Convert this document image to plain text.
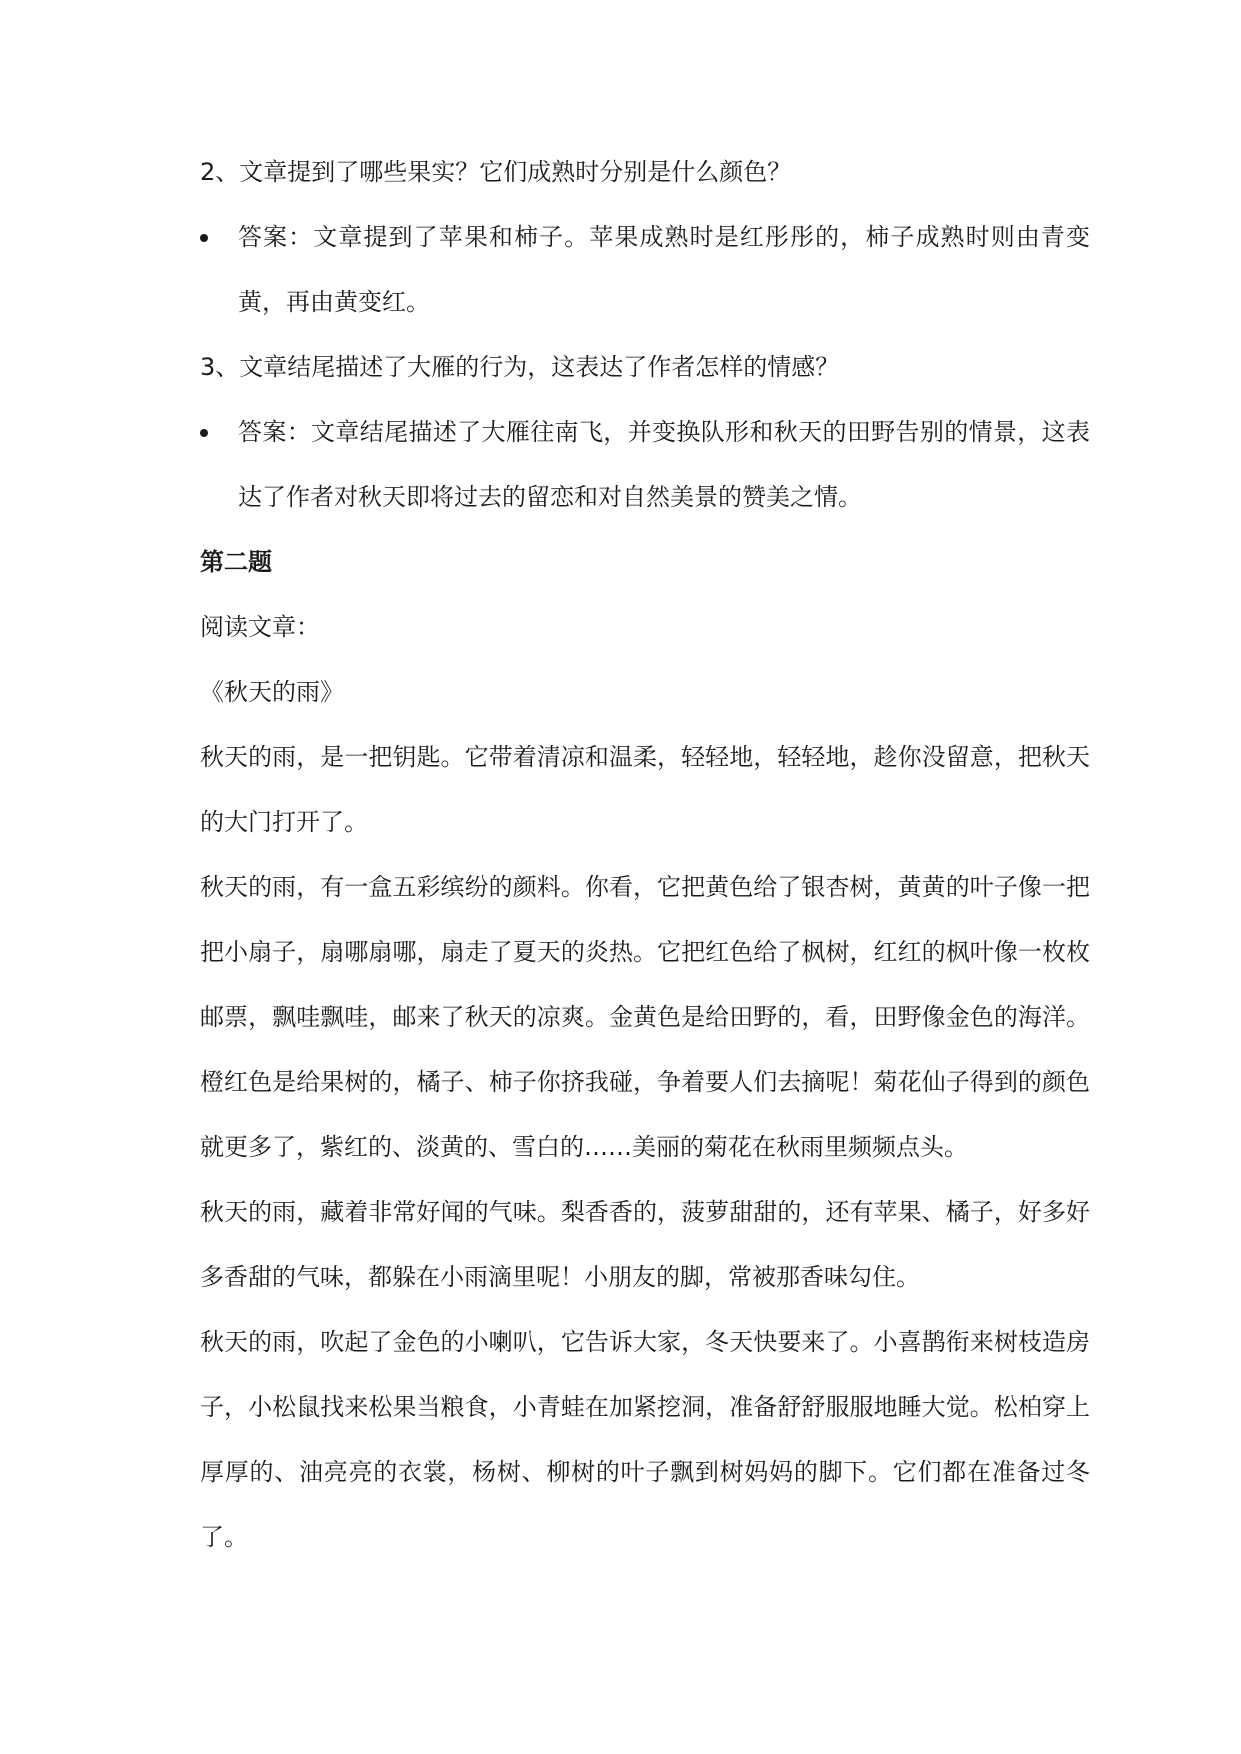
2、文章提到了哪些果实？它们成熟时分别是什么颜色？

答案：文章提到了苹果和柿子。苹果成熟时是红彤彤的，柿子成熟时则由青变黄，再由黄变红。

3、文章结尾描述了大雁的行为，这表达了作者怎样的情感？

答案：文章结尾描述了大雁往南飞，并变换队形和秋天的田野告别的情景，这表达了作者对秋天即将过去的留恋和对自然美景的赞美之情。

第二题

阅读文章：

《秋天的雨》

秋天的雨，是一把钥匙。它带着清凉和温柔，轻轻地，轻轻地，趁你没留意，把秋天的大门打开了。

秋天的雨，有一盒五彩缤纷的颜料。你看，它把黄色给了银杏树，黄黄的叶子像一把把小扇子，扇哪扇哪，扇走了夏天的炎热。它把红色给了枫树，红红的枫叶像一枚枚邮票，飘哇飘哇，邮来了秋天的凉爽。金黄色是给田野的，看，田野像金色的海洋。橙红色是给果树的，橘子、柿子你挤我碰，争着要人们去摘呢！菊花仙子得到的颜色就更多了，紫红的、淡黄的、雪白的……美丽的菊花在秋雨里频频点头。

秋天的雨，藏着非常好闻的气味。梨香香的，菠萝甜甜的，还有苹果、橘子，好多好多香甜的气味，都躲在小雨滴里呢！小朋友的脚，常被那香味勾住。

秋天的雨，吹起了金色的小喇叭，它告诉大家，冬天快要来了。小喜鹊衔来树枝造房子，小松鼠找来松果当粮食，小青蛙在加紧挖洞，准备舒舒服服地睡大觉。松柏穿上厚厚的、油亮亮的衣裳，杨树、柳树的叶子飘到树妈妈的脚下。它们都在准备过冬了。
